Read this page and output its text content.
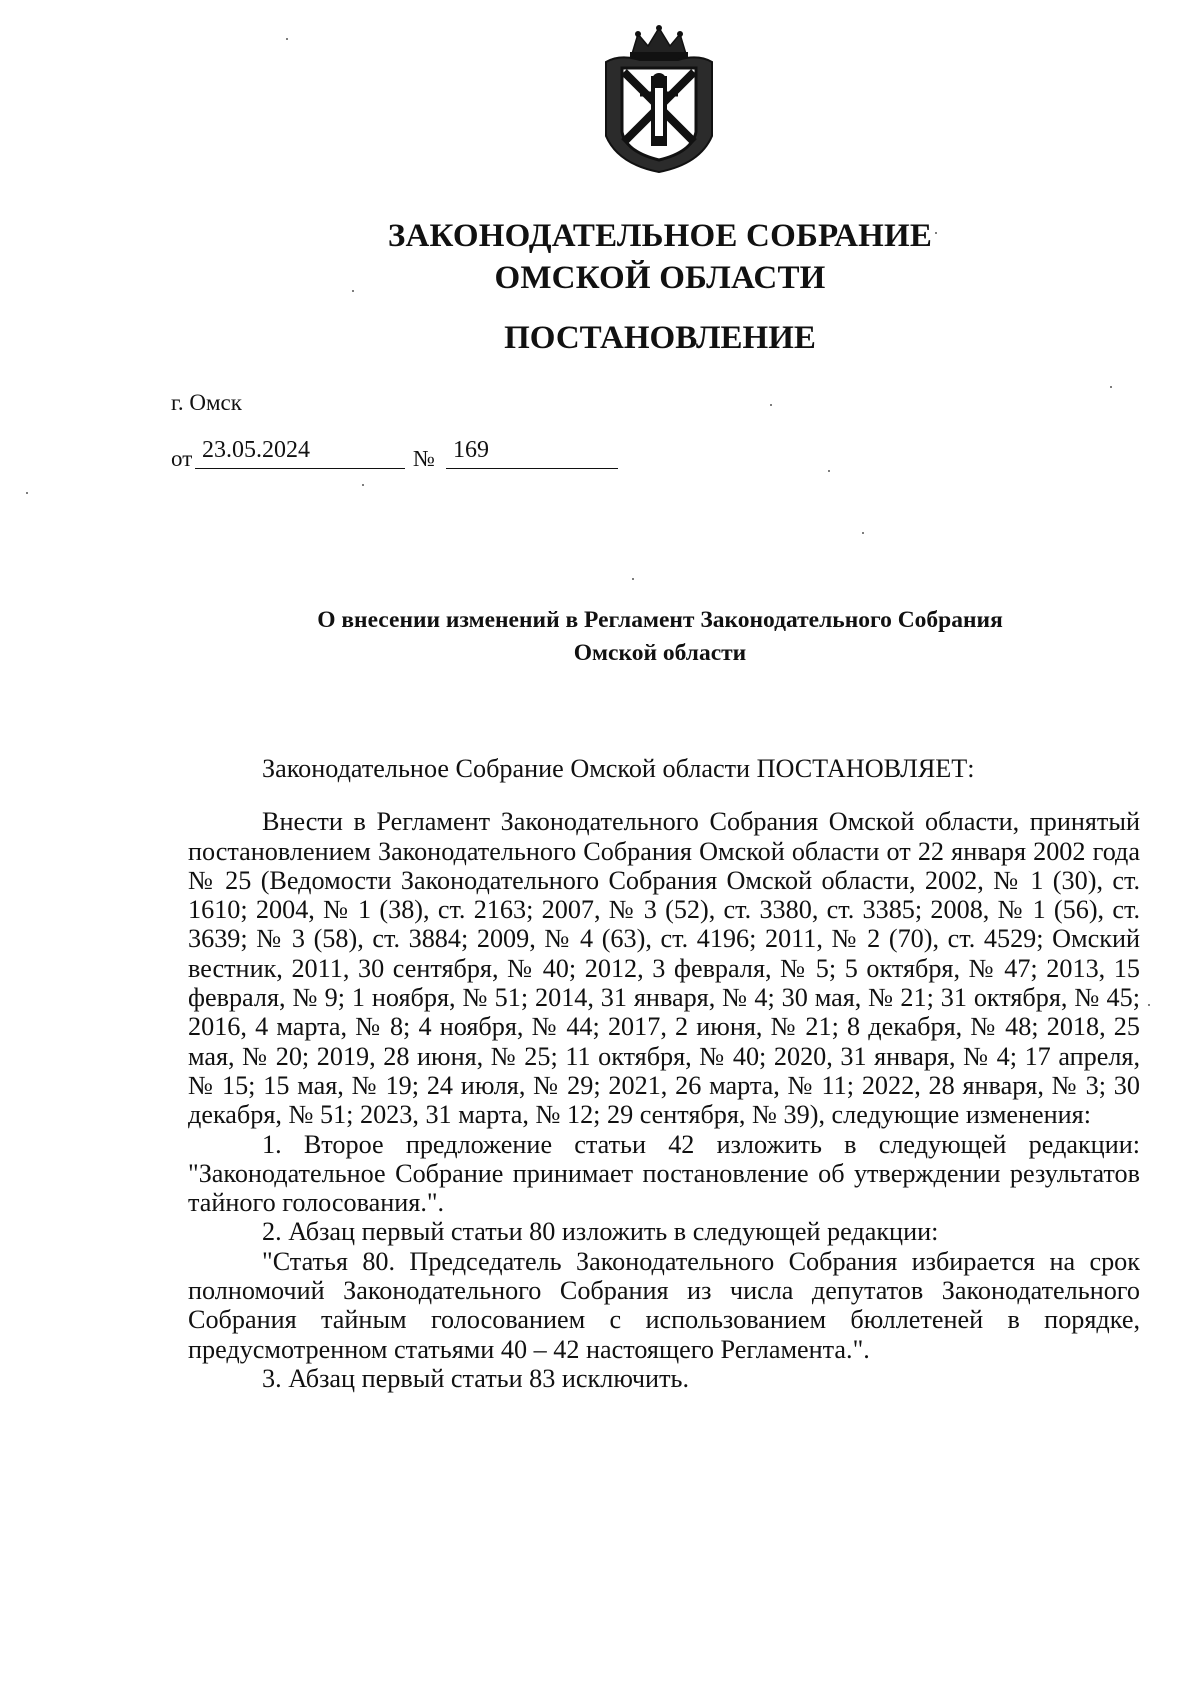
ЗАКОНОДАТЕЛЬНОЕ СОБРАНИЕ
ОМСКОЙ ОБЛАСТИ
ПОСТАНОВЛЕНИЕ
г. Омск
от 23.05.2024	№ 169
О внесении изменений в Регламент Законодательного Собрания
Омской области

Законодательное Собрание Омской области ПОСТАНОВЛЯЕТ:

Внести в Регламент Законодательного Собрания Омской области, принятый постановлением Законодательного Собрания Омской области от 22 января 2002 года № 25 (Ведомости Законодательного Собрания Омской области, 2002, № 1 (30), ст. 1610; 2004, № 1 (38), ст. 2163; 2007, № 3 (52), ст. 3380, ст. 3385; 2008, № 1 (56), ст. 3639; № 3 (58), ст. 3884; 2009, № 4 (63), ст. 4196; 2011, № 2 (70), ст. 4529; Омский вестник, 2011, 30 сентября, № 40; 2012, 3 февраля, № 5; 5 октября, № 47; 2013, 15 февраля, № 9; 1 ноября, № 51; 2014, 31 января, № 4; 30 мая, № 21; 31 октября, № 45; 2016, 4 марта, № 8; 4 ноября, № 44; 2017, 2 июня, № 21; 8 декабря, № 48; 2018, 25 мая, № 20; 2019, 28 июня, № 25; 11 октября, № 40; 2020, 31 января, № 4; 17 апреля, № 15; 15 мая, № 19; 24 июля, № 29; 2021, 26 марта, № 11; 2022, 28 января, № 3; 30 декабря, № 51; 2023, 31 марта, № 12; 29 сентября, № 39), следующие изменения:

1. Второе предложение статьи 42 изложить в следующей редакции: "Законодательное Собрание принимает постановление об утверждении результатов тайного голосования.".

2. Абзац первый статьи 80 изложить в следующей редакции:

"Статья 80. Председатель Законодательного Собрания избирается на срок полномочий Законодательного Собрания из числа депутатов Законодательного Собрания тайным голосованием с использованием бюллетеней в порядке, предусмотренном статьями 40 – 42 настоящего Регламента.".

3. Абзац первый статьи 83 исключить.
